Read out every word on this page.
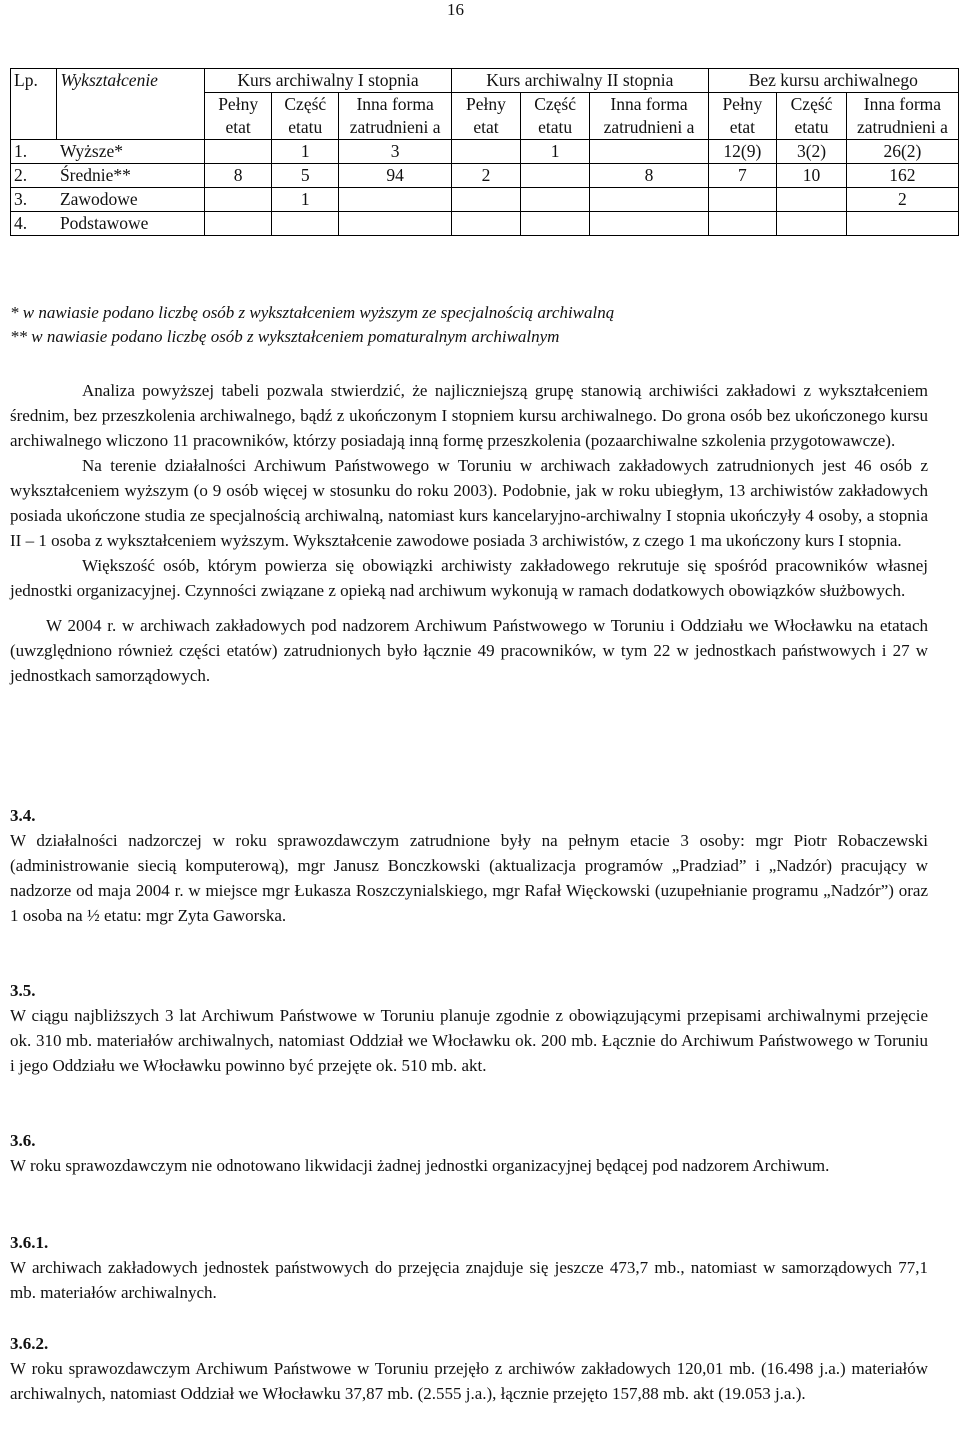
16
Lp.	Wykształcenie	Kurs archiwalny I stopnia			Kurs archiwalny II stopnia			Bez kursu archiwalnego		
		Pełny etat	Część etatu	Inna forma zatrudnieni a	Pełny etat	Część etatu	Inna forma zatrudnieni a	Pełny etat	Część etatu	Inna forma zatrudnieni a
1.	Wyższe*		1	3		1		12(9)	3(2)	26(2)
2.	Średnie**	8	5	94	2		8	7	10	162
3.	Zawodowe		1							2
4.	Podstawowe									
* w nawiasie podano liczbę osób z wykształceniem wyższym ze specjalnością archiwalną
** w nawiasie podano liczbę osób z wykształceniem pomaturalnym archiwalnym

Analiza powyższej tabeli pozwala stwierdzić, że najliczniejszą grupę stanowią archiwiści zakładowi z wykształceniem średnim, bez przeszkolenia archiwalnego, bądź z ukończonym I stopniem kursu archiwalnego. Do grona osób bez ukończonego kursu archiwalnego wliczono 11 pracowników, którzy posiadają inną formę przeszkolenia (pozaarchiwalne szkolenia przygotowawcze).

Na terenie działalności Archiwum Państwowego w Toruniu w archiwach zakładowych zatrudnionych jest 46 osób z wykształceniem wyższym (o 9 osób więcej w stosunku do roku 2003). Podobnie, jak w roku ubiegłym, 13 archiwistów zakładowych posiada ukończone studia ze specjalnością archiwalną, natomiast kurs kancelaryjno-archiwalny I stopnia ukończyły 4 osoby, a stopnia II – 1 osoba z wykształceniem wyższym. Wykształcenie zawodowe posiada 3 archiwistów, z czego 1 ma ukończony kurs I stopnia.

Większość osób, którym powierza się obowiązki archiwisty zakładowego rekrutuje się spośród pracowników własnej jednostki organizacyjnej. Czynności związane z opieką nad archiwum wykonują w ramach dodatkowych obowiązków służbowych.

W 2004 r. w archiwach zakładowych pod nadzorem Archiwum Państwowego w Toruniu i Oddziału we Włocławku na etatach (uwzględniono również części etatów) zatrudnionych było łącznie 49 pracowników, w tym 22 w jednostkach państwowych i 27 w jednostkach samorządowych.

3.4.

W działalności nadzorczej w roku sprawozdawczym zatrudnione były na pełnym etacie 3 osoby: mgr Piotr Robaczewski (administrowanie siecią komputerową), mgr Janusz Bonczkowski (aktualizacja programów „Pradziad” i „Nadzór) pracujący w nadzorze od maja 2004 r. w miejsce mgr Łukasza Roszczynialskiego, mgr Rafał Więckowski (uzupełnianie programu „Nadzór”) oraz 1 osoba na ½ etatu: mgr Zyta Gaworska.

3.5.

W ciągu najbliższych 3 lat Archiwum Państwowe w Toruniu planuje zgodnie z obowiązującymi przepisami archiwalnymi przejęcie ok. 310 mb. materiałów archiwalnych, natomiast Oddział we Włocławku ok. 200 mb. Łącznie do Archiwum Państwowego w Toruniu i jego Oddziału we Włocławku powinno być przejęte ok. 510 mb. akt.

3.6.

W roku sprawozdawczym nie odnotowano likwidacji żadnej jednostki organizacyjnej będącej pod nadzorem Archiwum.

3.6.1.

W archiwach zakładowych jednostek państwowych do przejęcia znajduje się jeszcze 473,7 mb., natomiast w samorządowych 77,1 mb. materiałów archiwalnych.

3.6.2.

W roku sprawozdawczym Archiwum Państwowe w Toruniu przejęło z archiwów zakładowych 120,01 mb. (16.498 j.a.) materiałów archiwalnych, natomiast Oddział we Włocławku 37,87 mb. (2.555 j.a.), łącznie przejęto 157,88 mb. akt (19.053 j.a.).
